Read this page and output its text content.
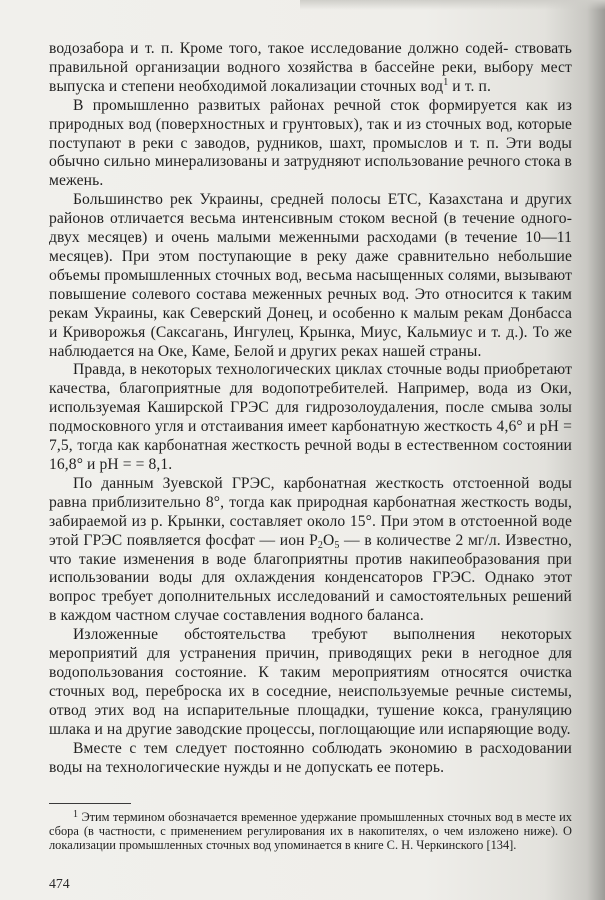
водозабора и т. п. Кроме того, такое исследование должно содей- ствовать правильной организации водного хозяйства в бассейне реки, выбору мест выпуска и степени необходимой локализации сточных вод$^1$ и т. п.

В промышленно развитых районах речной сток формируется как из природных вод (поверхностных и грунтовых), так и из сточных вод, которые поступают в реки с заводов, рудников, шахт, промыслов и т. п. Эти воды обычно сильно минерализованы и затрудняют использование речного стока в межень.

Большинство рек Украины, средней полосы ЕТС, Казахстана и других районов отличается весьма интенсивным стоком весной (в течение одного-двух месяцев) и очень малыми меженными расходами (в течение 10—11 месяцев). При этом поступающие в реку даже сравнительно небольшие объемы промышленных сточных вод, весьма насыщенных солями, вызывают повышение солевого состава меженных речных вод. Это относится к таким рекам Украины, как Северский Донец, и особенно к малым рекам Донбасса и Криворожья (Саксагань, Ингулец, Крынка, Миус, Кальмиус и т. д.). То же наблюдается на Оке, Каме, Белой и других реках нашей страны.

Правда, в некоторых технологических циклах сточные воды приобретают качества, благоприятные для водопотребителей. Например, вода из Оки, используемая Каширской ГРЭС для гидрозолоудаления, после смыва золы подмосковного угля и отстаивания имеет карбонатную жесткость 4,6° и pH = 7,5, тогда как карбонатная жесткость речной воды в естественном состоянии 16,8° и pH = = 8,1.

По данным Зуевской ГРЭС, карбонатная жесткость отстоенной воды равна приблизительно 8°, тогда как природная карбонатная жесткость воды, забираемой из р. Крынки, составляет около 15°. При этом в отстоенной воде этой ГРЭС появляется фосфат — ион $P_2O_5$ — в количестве 2 мг/л. Известно, что такие изменения в воде благоприятны против накипеобразования при использовании воды для охлаждения конденсаторов ГРЭС. Однако этот вопрос требует дополнительных исследований и самостоятельных решений в каждом частном случае составления водного баланса.

Изложенные обстоятельства требуют выполнения некоторых мероприятий для устранения причин, приводящих реки в негодное для водопользования состояние. К таким мероприятиям относятся очистка сточных вод, переброска их в соседние, неиспользуемые речные системы, отвод этих вод на испарительные площадки, тушение кокса, грануляцию шлака и на другие заводские процессы, поглощающие или испаряющие воду.

Вместе с тем следует постоянно соблюдать экономию в расходовании воды на технологические нужды и не допускать ее потерь.

$^1$ Этим термином обозначается временное удержание промышленных сточных вод в месте их сбора (в частности, с применением регулирования их в накопителях, о чем изложено ниже). О локализации промышленных сточных вод упоминается в книге С. Н. Черкинского [134].
474
